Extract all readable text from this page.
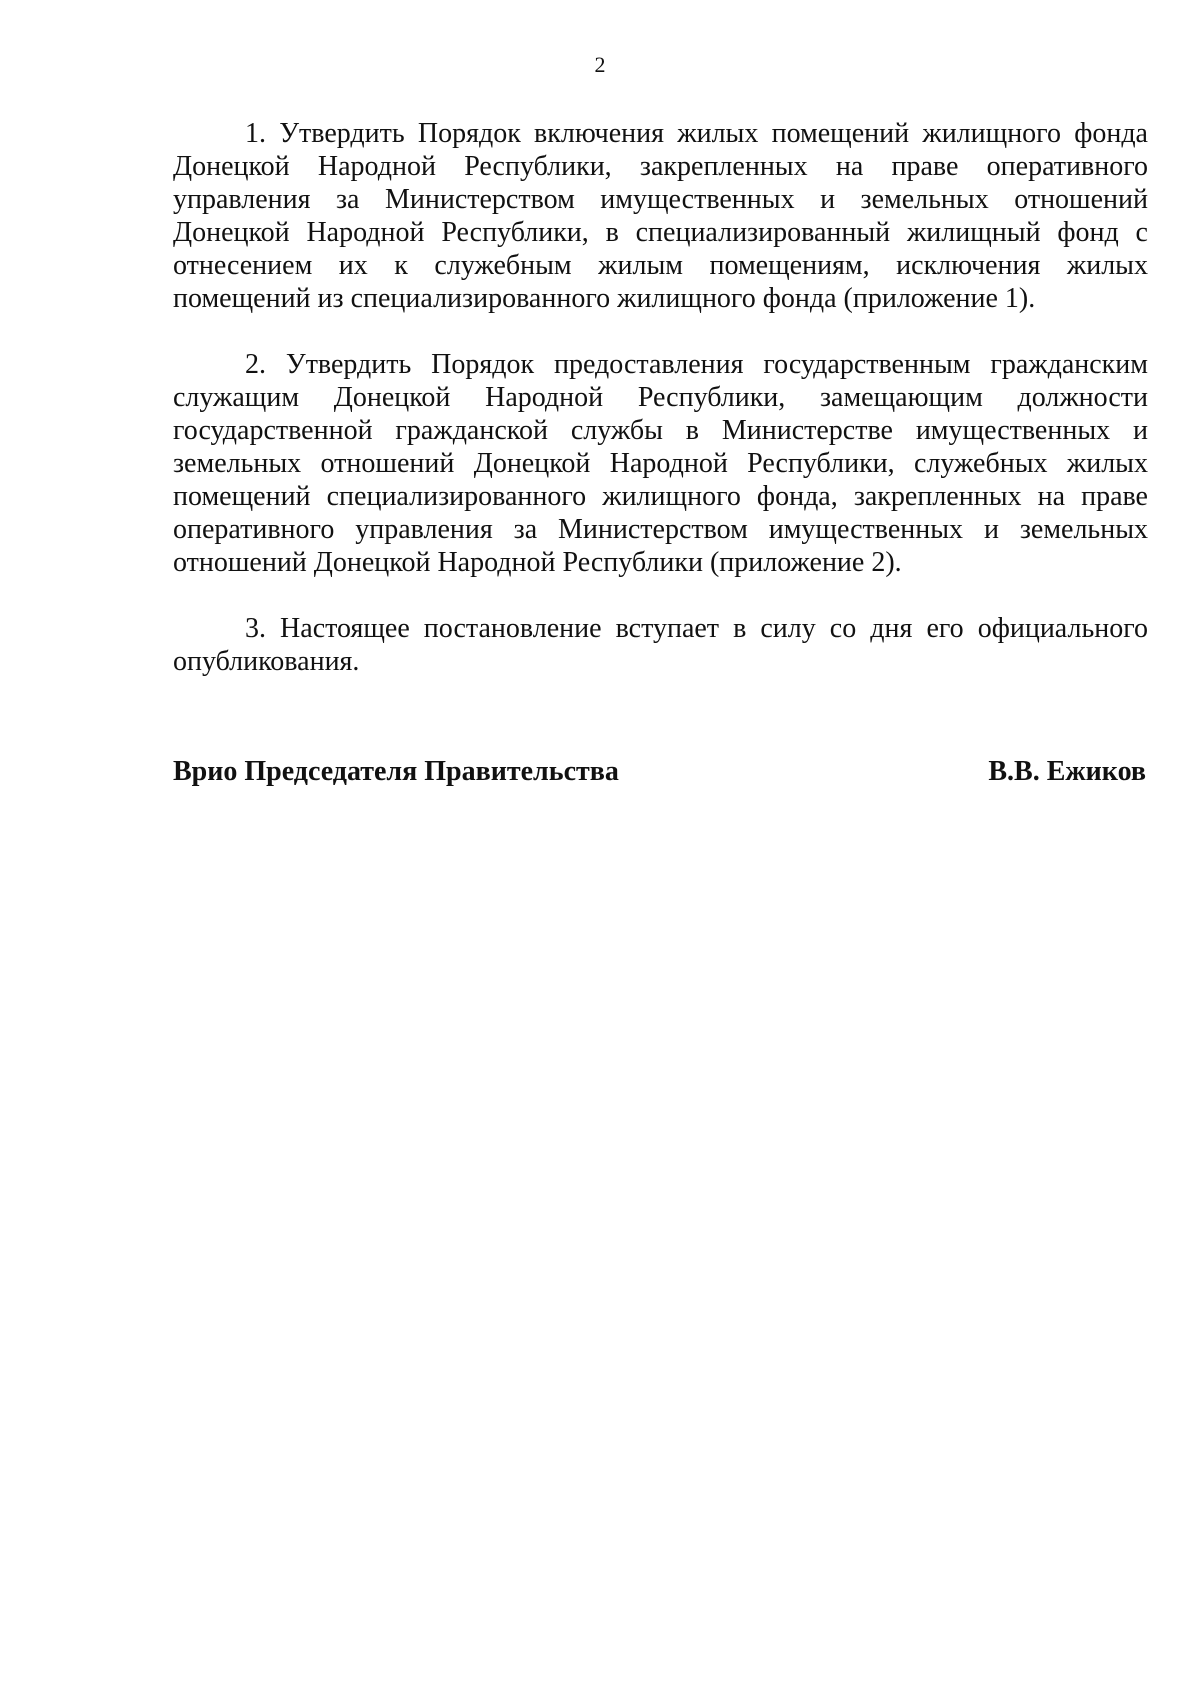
2

1. Утвердить Порядок включения жилых помещений жилищного фонда Донецкой Народной Республики, закрепленных на праве оперативного управления за Министерством имущественных и земельных отношений Донецкой Народной Республики, в специализированный жилищный фонд с отнесением их к служебным жилым помещениям, исключения жилых помещений из специализированного жилищного фонда (приложение 1).

2. Утвердить Порядок предоставления государственным гражданским служащим Донецкой Народной Республики, замещающим должности государственной гражданской службы в Министерстве имущественных и земельных отношений Донецкой Народной Республики, служебных жилых помещений специализированного жилищного фонда, закрепленных на праве оперативного управления за Министерством имущественных и земельных отношений Донецкой Народной Республики (приложение 2).

3. Настоящее постановление вступает в силу со дня его официального опубликования.

Врио Председателя Правительства	В.В. Ежиков
